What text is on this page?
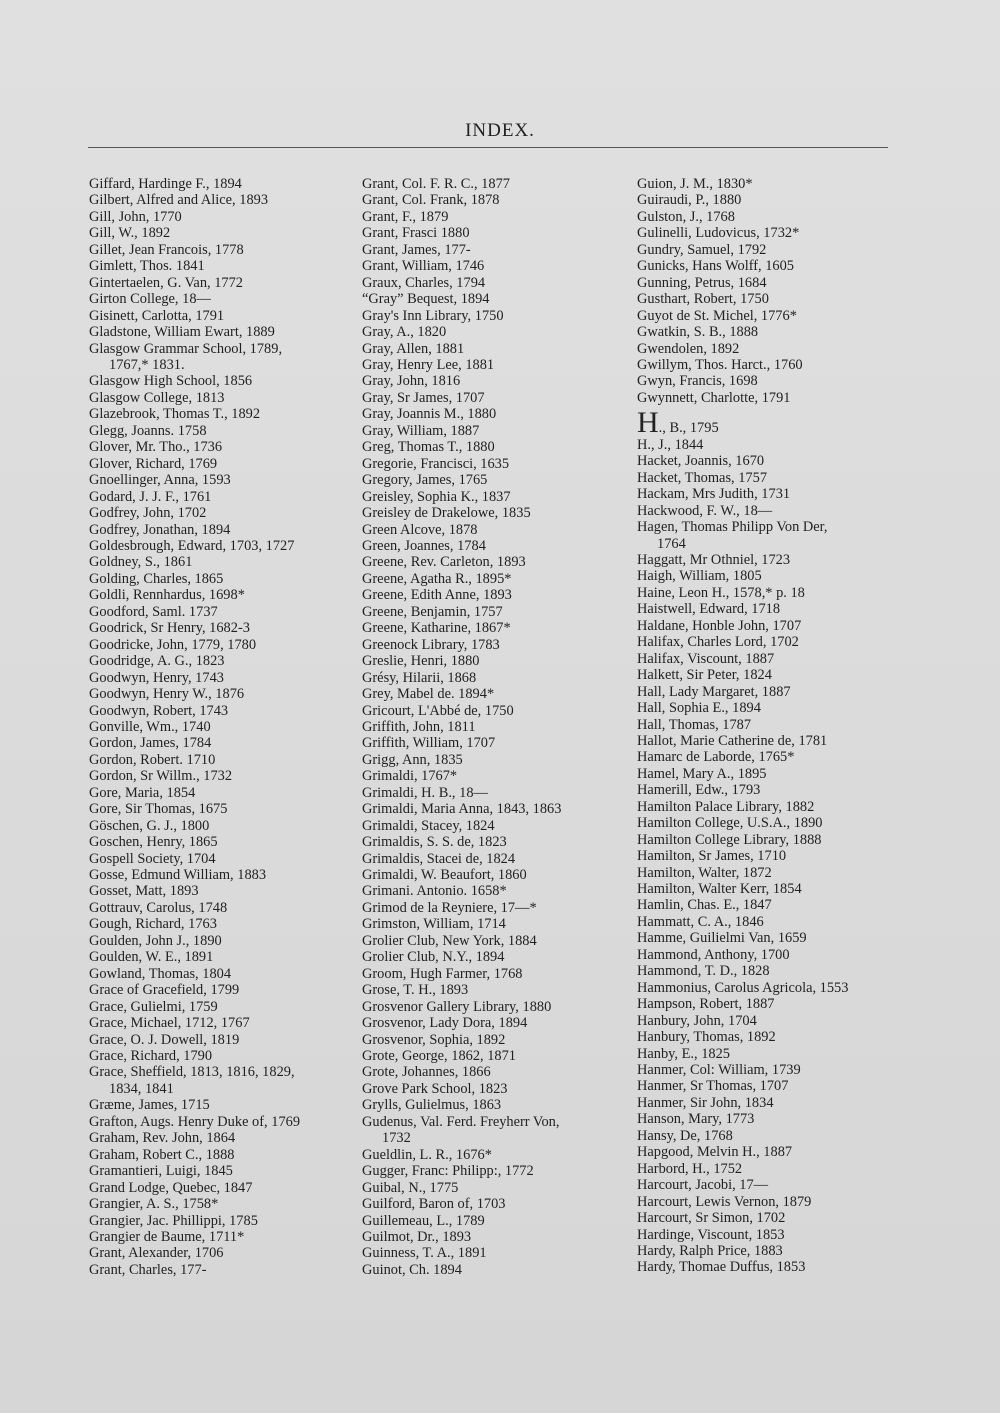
INDEX.
Giffard, Hardinge F., 1894
Gilbert, Alfred and Alice, 1893
Gill, John, 1770
Gill, W., 1892
Gillet, Jean Francois, 1778
Gimlett, Thos. 1841
Gintertaelen, G. Van, 1772
Girton College, 18—
Gisinett, Carlotta, 1791
Gladstone, William Ewart, 1889
Glasgow Grammar School, 1789,
1767,* 1831.
Glasgow High School, 1856
Glasgow College, 1813
Glazebrook, Thomas T., 1892
Glegg, Joanns. 1758
Glover, Mr. Tho., 1736
Glover, Richard, 1769
Gnoellinger, Anna, 1593
Godard, J. J. F., 1761
Godfrey, John, 1702
Godfrey, Jonathan, 1894
Goldesbrough, Edward, 1703, 1727
Goldney, S., 1861
Golding, Charles, 1865
Goldli, Rennhardus, 1698*
Goodford, Saml. 1737
Goodrick, Sr Henry, 1682-3
Goodricke, John, 1779, 1780
Goodridge, A. G., 1823
Goodwyn, Henry, 1743
Goodwyn, Henry W., 1876
Goodwyn, Robert, 1743
Gonville, Wm., 1740
Gordon, James, 1784
Gordon, Robert. 1710
Gordon, Sr Willm., 1732
Gore, Maria, 1854
Gore, Sir Thomas, 1675
Göschen, G. J., 1800
Goschen, Henry, 1865
Gospell Society, 1704
Gosse, Edmund William, 1883
Gosset, Matt, 1893
Gottrauv, Carolus, 1748
Gough, Richard, 1763
Goulden, John J., 1890
Goulden, W. E., 1891
Gowland, Thomas, 1804
Grace of Gracefield, 1799
Grace, Gulielmi, 1759
Grace, Michael, 1712, 1767
Grace, O. J. Dowell, 1819
Grace, Richard, 1790
Grace, Sheffield, 1813, 1816, 1829,
1834, 1841
Græme, James, 1715
Grafton, Augs. Henry Duke of, 1769
Graham, Rev. John, 1864
Graham, Robert C., 1888
Gramantieri, Luigi, 1845
Grand Lodge, Quebec, 1847
Grangier, A. S., 1758*
Grangier, Jac. Phillippi, 1785
Grangier de Baume, 1711*
Grant, Alexander, 1706
Grant, Charles, 177-
Grant, Col. F. R. C., 1877
Grant, Col. Frank, 1878
Grant, F., 1879
Grant, Frasci 1880
Grant, James, 177-
Grant, William, 1746
Graux, Charles, 1794
“Gray” Bequest, 1894
Gray's Inn Library, 1750
Gray, A., 1820
Gray, Allen, 1881
Gray, Henry Lee, 1881
Gray, John, 1816
Gray, Sr James, 1707
Gray, Joannis M., 1880
Gray, William, 1887
Greg, Thomas T., 1880
Gregorie, Francisci, 1635
Gregory, James, 1765
Greisley, Sophia K., 1837
Greisley de Drakelowe, 1835
Green Alcove, 1878
Green, Joannes, 1784
Greene, Rev. Carleton, 1893
Greene, Agatha R., 1895*
Greene, Edith Anne, 1893
Greene, Benjamin, 1757
Greene, Katharine, 1867*
Greenock Library, 1783
Greslie, Henri, 1880
Grésy, Hilarii, 1868
Grey, Mabel de. 1894*
Gricourt, L'Abbé de, 1750
Griffith, John, 1811
Griffith, William, 1707
Grigg, Ann, 1835
Grimaldi, 1767*
Grimaldi, H. B., 18—
Grimaldi, Maria Anna, 1843, 1863
Grimaldi, Stacey, 1824
Grimaldis, S. S. de, 1823
Grimaldis, Stacei de, 1824
Grimaldi, W. Beaufort, 1860
Grimani. Antonio. 1658*
Grimod de la Reyniere, 17—*
Grimston, William, 1714
Grolier Club, New York, 1884
Grolier Club, N.Y., 1894
Groom, Hugh Farmer, 1768
Grose, T. H., 1893
Grosvenor Gallery Library, 1880
Grosvenor, Lady Dora, 1894
Grosvenor, Sophia, 1892
Grote, George, 1862, 1871
Grote, Johannes, 1866
Grove Park School, 1823
Grylls, Gulielmus, 1863
Gudenus, Val. Ferd. Freyherr Von,
1732
Gueldlin, L. R., 1676*
Gugger, Franc: Philipp:, 1772
Guibal, N., 1775
Guilford, Baron of, 1703
Guillemeau, L., 1789
Guilmot, Dr., 1893
Guinness, T. A., 1891
Guinot, Ch. 1894
Guion, J. M., 1830*
Guiraudi, P., 1880
Gulston, J., 1768
Gulinelli, Ludovicus, 1732*
Gundry, Samuel, 1792
Gunicks, Hans Wolff, 1605
Gunning, Petrus, 1684
Gusthart, Robert, 1750
Guyot de St. Michel, 1776*
Gwatkin, S. B., 1888
Gwendolen, 1892
Gwillym, Thos. Harct., 1760
Gwyn, Francis, 1698
Gwynnett, Charlotte, 1791
H., B., 1795
H., J., 1844
Hacket, Joannis, 1670
Hacket, Thomas, 1757
Hackam, Mrs Judith, 1731
Hackwood, F. W., 18—
Hagen, Thomas Philipp Von Der,
1764
Haggatt, Mr Othniel, 1723
Haigh, William, 1805
Haine, Leon H., 1578,* p. 18
Haistwell, Edward, 1718
Haldane, Honble John, 1707
Halifax, Charles Lord, 1702
Halifax, Viscount, 1887
Halkett, Sir Peter, 1824
Hall, Lady Margaret, 1887
Hall, Sophia E., 1894
Hall, Thomas, 1787
Hallot, Marie Catherine de, 1781
Hamarc de Laborde, 1765*
Hamel, Mary A., 1895
Hamerill, Edw., 1793
Hamilton Palace Library, 1882
Hamilton College, U.S.A., 1890
Hamilton College Library, 1888
Hamilton, Sr James, 1710
Hamilton, Walter, 1872
Hamilton, Walter Kerr, 1854
Hamlin, Chas. E., 1847
Hammatt, C. A., 1846
Hamme, Guilielmi Van, 1659
Hammond, Anthony, 1700
Hammond, T. D., 1828
Hammonius, Carolus Agricola, 1553
Hampson, Robert, 1887
Hanbury, John, 1704
Hanbury, Thomas, 1892
Hanby, E., 1825
Hanmer, Col: William, 1739
Hanmer, Sr Thomas, 1707
Hanmer, Sir John, 1834
Hanson, Mary, 1773
Hansy, De, 1768
Hapgood, Melvin H., 1887
Harbord, H., 1752
Harcourt, Jacobi, 17—
Harcourt, Lewis Vernon, 1879
Harcourt, Sr Simon, 1702
Hardinge, Viscount, 1853
Hardy, Ralph Price, 1883
Hardy, Thomae Duffus, 1853
